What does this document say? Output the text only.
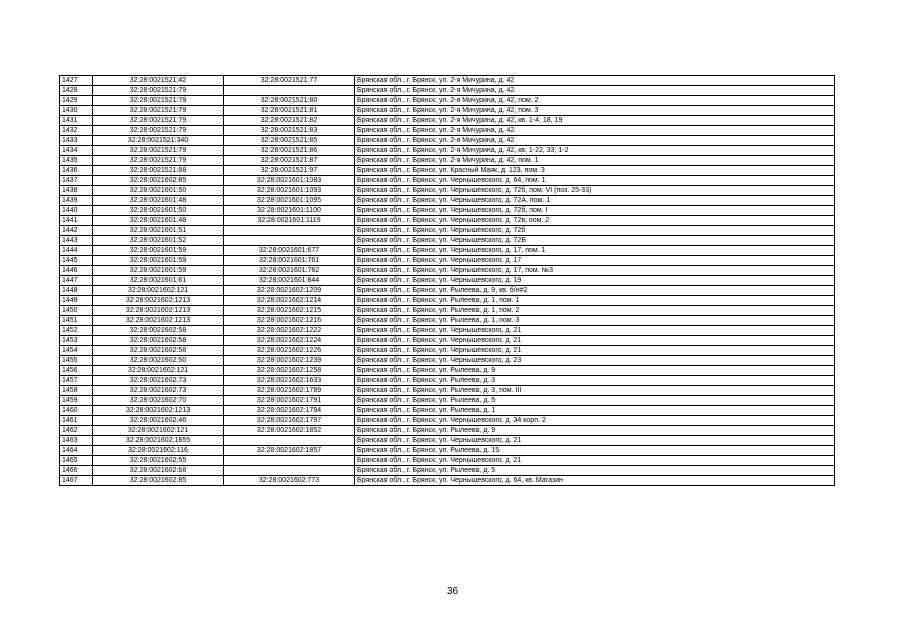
1427	32:28:0021521:42	32:28:0021521:77	Брянская обл., г. Брянск, ул. 2-я Мичурина, д. 42
1428	32:28:0021521:79		Брянская обл., г. Брянск, ул. 2-я Мичурина, д. 42
1429	32:28:0021521:79	32:28:0021521:80	Брянская обл., г. Брянск, ул. 2-я Мичурина, д. 42, пом. 2
1430	32:28:0021521:79	32:28:0021521:81	Брянская обл., г. Брянск, ул. 2-я Мичурина, д. 42, пом. 3
1431	32:28:0021521:79	32:28:0021521:82	Брянская обл., г. Брянск, ул. 2-я Мичурина, д. 42, кв. 1-4, 18, 19
1432	32:28:0021521:79	32:28:0021521:83	Брянская обл., г. Брянск, ул. 2-я Мичурина, д. 42
1433	32:28:0021521:340	32:28:0021521:85	Брянская обл., г. Брянск, ул. 2-я Мичурина, д. 42
1434	32:28:0021521:79	32:28:0021521:86	Брянская обл., г. Брянск, ул. 2-я Мичурина, д. 42, кв. 1-22, 33; 1-2
1435	32:28:0021521:79	32:28:0021521:87	Брянская обл., г. Брянск, ул. 2-я Мичурина, д. 42, пом. 1
1436	32:28:0021521:88	32:28:0021521:97	Брянская обл., г. Брянск, ул. Красный Маяк, д. 123, пом. 3
1437	32:28:0021602:85	32:28:0021601:1083	Брянская обл., г. Брянск, ул. Чернышевского, д. 64, пом. 1
1438	32:28:0021601:50	32:28:0021601:1093	Брянская обл., г. Брянск, ул. Чернышевского, д. 72б, пом. VI (поз. 25-33)
1439	32:28:0021601:48	32:28:0021601:1095	Брянская обл., г. Брянск, ул. Чернышевского, д. 72А, пом. 1
1440	32:28:0021601:50	32:28:0021601:1100	Брянская обл., г. Брянск, ул. Чернышевского, д. 72б, пом. I
1441	32:28:0021601:48	32:28:0021601:1119	Брянская обл., г. Брянск, ул. Чернышевского, д. 72в, пом. 2
1442	32:28:0021601:51		Брянская обл., г. Брянск, ул. Чернышевского, д. 72б
1443	32:28:0021601:52		Брянская обл., г. Брянск, ул. Чернышевского, д. 72Б
1444	32:28:0021601:59	32:28:0021601:677	Брянская обл., г. Брянск, ул. Чернышевского, д. 17, пом. 1
1445	32:28:0021601:59	32:28:0021601:761	Брянская обл., г. Брянск, ул. Чернышевского, д. 17
1446	32:28:0021601:59	32:28:0021601:762	Брянская обл., г. Брянск, ул. Чернышевского, д. 17, пом. №3
1447	32:28:0021601:61	32:28:0021601:844	Брянская обл., г. Брянск, ул. Чернышевского, д. 19
1448	32:28:0021602:121	32:28:0021602:1209	Брянская обл., г. Брянск, ул. Рылеева, д. 9, кв. б/н#2
1449	32:28:0021602:1213	32:28:0021602:1214	Брянская обл., г. Брянск, ул. Рылеева, д. 1, пом. 1
1450	32:28:0021602:1213	32:28:0021602:1215	Брянская обл., г. Брянск, ул. Рылеева, д. 1, пом. 2
1451	32:28:0021602:1213	32:28:0021602:1216	Брянская обл., г. Брянск, ул. Рылеева, д. 1, пом. 3
1452	32:28:0021602:58	32:28:0021602:1222	Брянская обл., г. Брянск, ул. Чернышевского, д. 21
1453	32:28:0021602:58	32:28:0021602:1224	Брянская обл., г. Брянск, ул. Чернышевского, д. 21
1454	32:28:0021602:58	32:28:0021602:1226	Брянская обл., г. Брянск, ул. Чернышевского, д. 21
1455	32:28:0021602:50	32:28:0021602:1239	Брянская обл., г. Брянск, ул. Чернышевского, д. 23
1456	32:28:0021602:121	32:28:0021602:1258	Брянская обл., г. Брянск, ул. Рылеева, д. 9
1457	32:28:0021602:73	32:28:0021602:1633	Брянская обл., г. Брянск, ул. Рылеева, д. 3
1458	32:28:0021602:73	32:28:0021602:1789	Брянская обл., г. Брянск, ул. Рылеева, д. 3, пом. III
1459	32:28:0021602:70	32:28:0021602:1791	Брянская обл., г. Брянск, ул. Рылеева, д. 5
1460	32:28:0021602:1213	32:28:0021602:1794	Брянская обл., г. Брянск, ул. Рылеева, д. 1
1461	32:28:0021602:46	32:28:0021602:1797	Брянская обл., г. Брянск, ул. Чернышевского, д. 34 корп. 2
1462	32:28:0021602:121	32:28:0021602:1852	Брянская обл., г. Брянск, ул. Рылеева, д. 9
1463	32:28:0021602:1855		Брянская обл., г. Брянск, ул. Чернышевского, д. 21
1464	32:28:0021602:116	32:28:0021602:1857	Брянская обл., г. Брянск, ул. Рылеева, д. 15
1465	32:28:0021602:55		Брянская обл., г. Брянск, ул. Чернышевского, д. 21
1466	32:28:0021602:68		Брянская обл., г. Брянск, ул. Рылеева, д. 5
1467	32:28:0021602:85	32:28:0021602:773	Брянская обл., г. Брянск, ул. Чернышевского, д. 64, кв. Магазин
36
